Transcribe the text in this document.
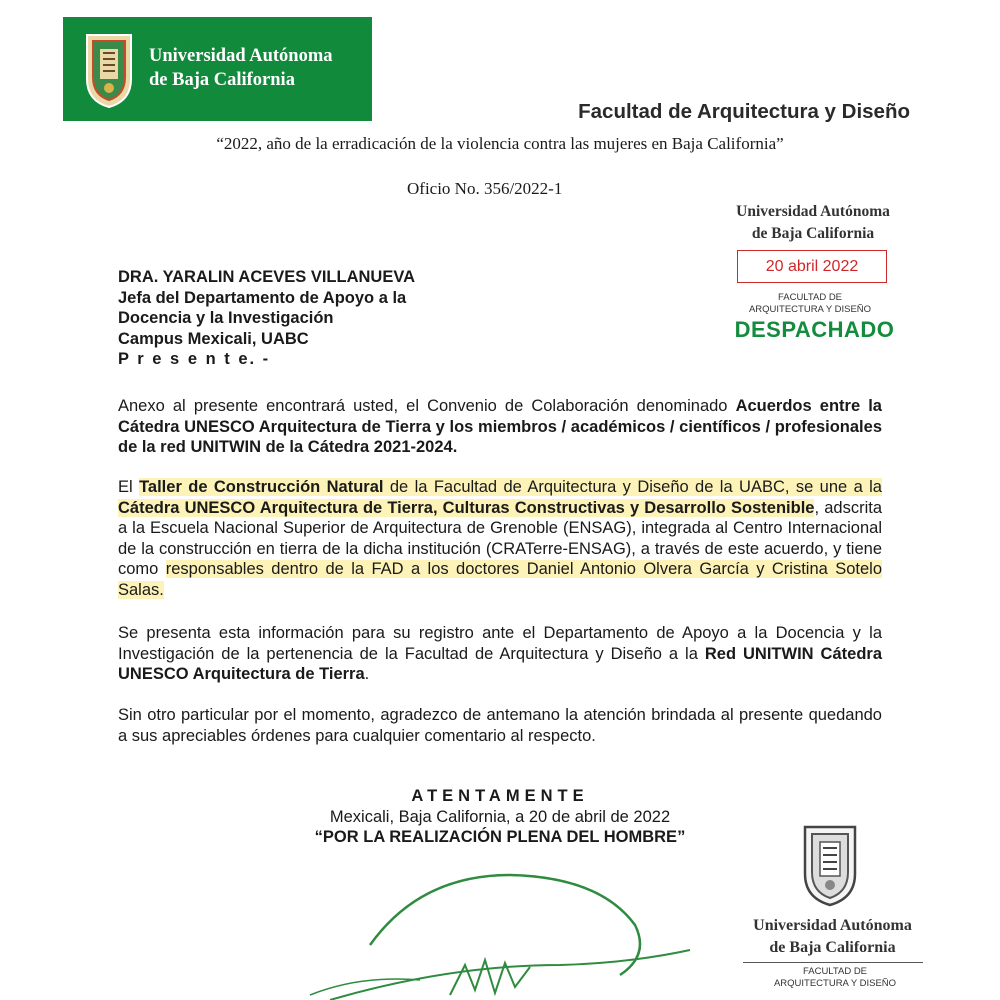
Universidad Autónoma
de Baja California
Facultad de Arquitectura y Diseño
“2022, año de la erradicación de la violencia contra las mujeres en Baja California”
Oficio No. 356/2022-1
Universidad Autónoma
de Baja California
20 abril 2022
FACULTAD DE
ARQUITECTURA Y DISEÑO
DESPACHADO
DRA. YARALIN ACEVES VILLANUEVA
Jefa del Departamento de Apoyo a la
Docencia y la Investigación
Campus Mexicali, UABC
P r e s e n t e. -
Anexo al presente encontrará usted, el Convenio de Colaboración denominado Acuerdos entre la Cátedra UNESCO Arquitectura de Tierra y los miembros / académicos / científicos / profesionales de la red UNITWIN de la Cátedra 2021-2024.
El Taller de Construcción Natural de la Facultad de Arquitectura y Diseño de la UABC, se une a la Cátedra UNESCO Arquitectura de Tierra, Culturas Constructivas y Desarrollo Sostenible, adscrita a la Escuela Nacional Superior de Arquitectura de Grenoble (ENSAG), integrada al Centro Internacional de la construcción en tierra de la dicha institución (CRATerre-ENSAG), a través de este acuerdo, y tiene como responsables dentro de la FAD a los doctores Daniel Antonio Olvera García y Cristina Sotelo Salas.
Se presenta esta información para su registro ante el Departamento de Apoyo a la Docencia y la Investigación de la pertenencia de la Facultad de Arquitectura y Diseño a la Red UNITWIN Cátedra UNESCO Arquitectura de Tierra.
Sin otro particular por el momento, agradezco de antemano la atención brindada al presente quedando a sus apreciables órdenes para cualquier comentario al respecto.
ATENTAMENTE
Mexicali, Baja California, a 20 de abril de 2022
“POR LA REALIZACIÓN PLENA DEL HOMBRE”
Universidad Autónoma
de Baja California
FACULTAD DE
ARQUITECTURA Y DISEÑO
